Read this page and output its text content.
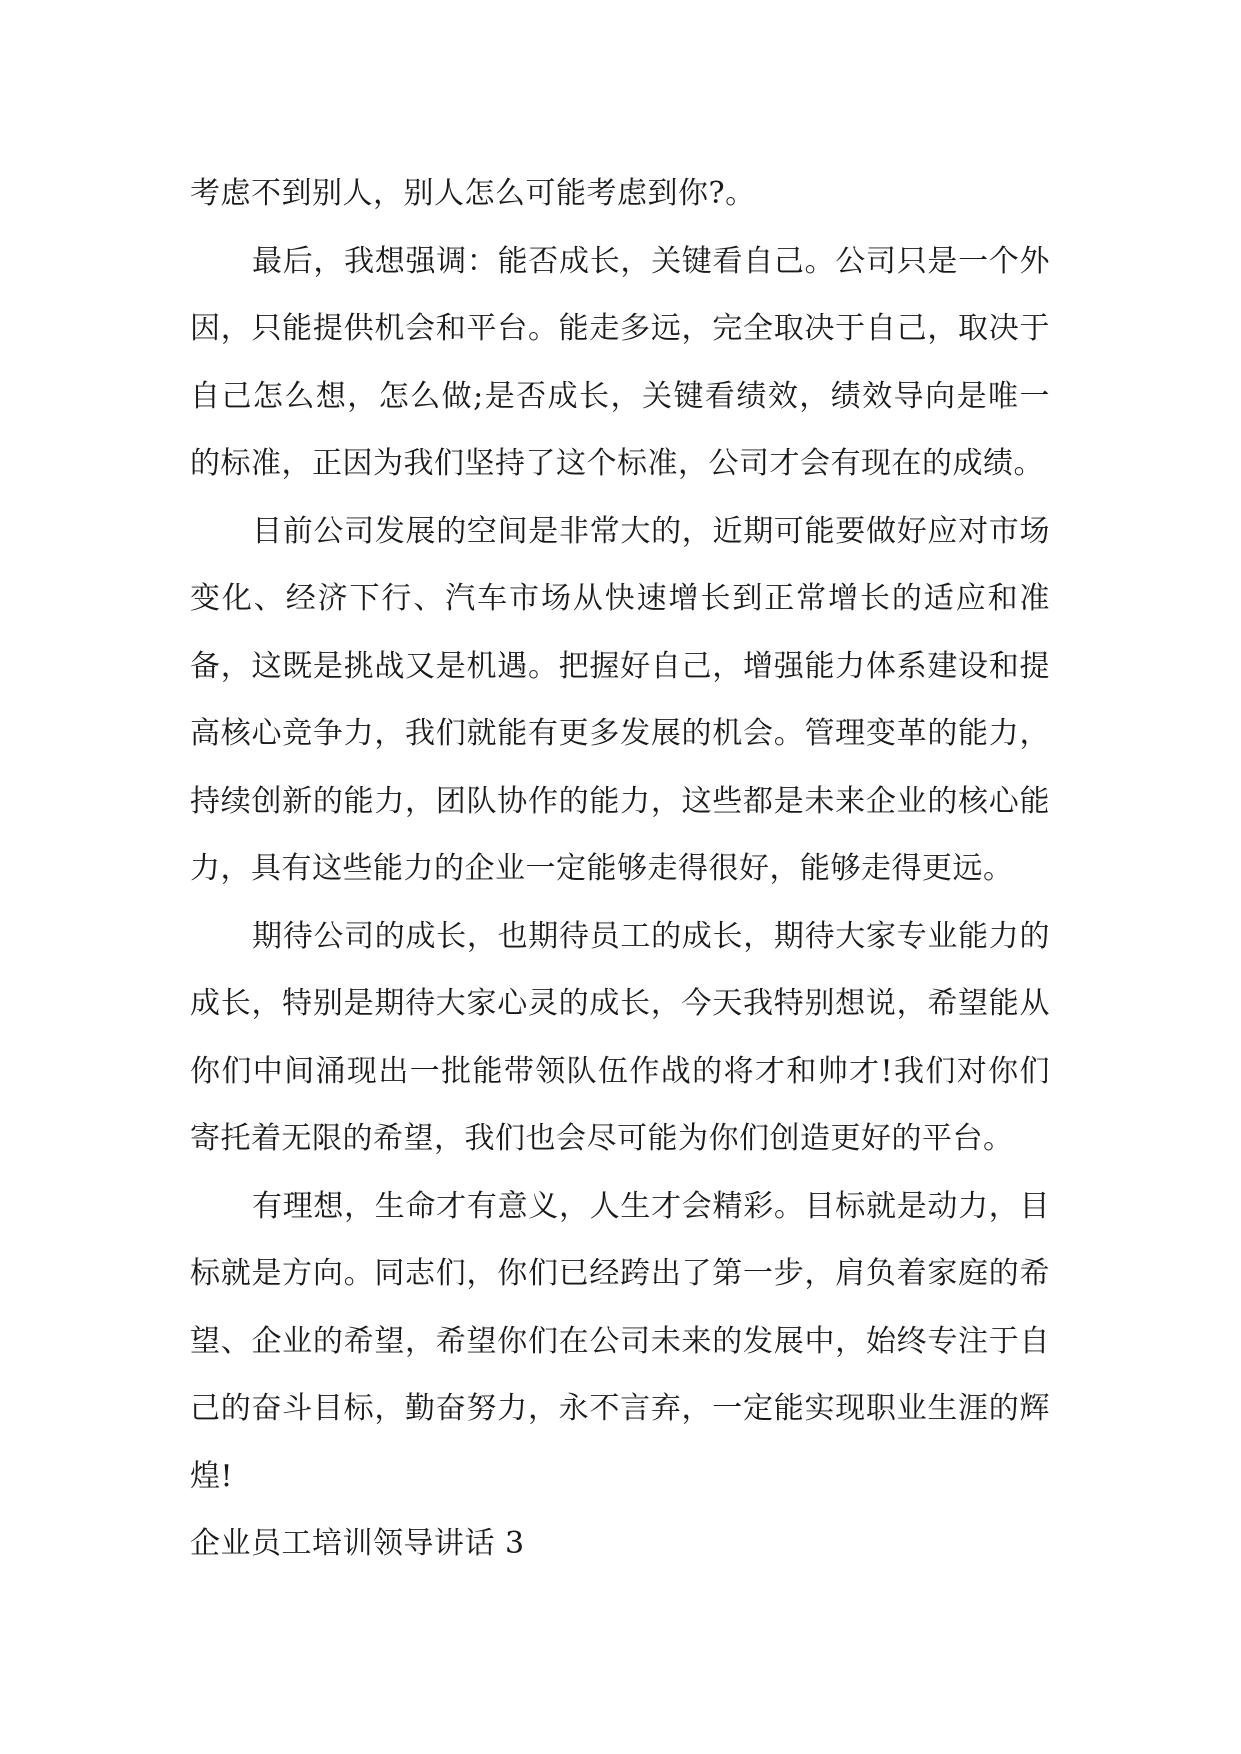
考虑不到别人，别人怎么可能考虑到你?。

最后，我想强调：能否成长，关键看自己。公司只是一个外因，只能提供机会和平台。能走多远，完全取决于自己，取决于自己怎么想，怎么做;是否成长，关键看绩效，绩效导向是唯一的标准，正因为我们坚持了这个标准，公司才会有现在的成绩。

目前公司发展的空间是非常大的，近期可能要做好应对市场变化、经济下行、汽车市场从快速增长到正常增长的适应和准备，这既是挑战又是机遇。把握好自己，增强能力体系建设和提高核心竞争力，我们就能有更多发展的机会。管理变革的能力，持续创新的能力，团队协作的能力，这些都是未来企业的核心能力，具有这些能力的企业一定能够走得很好，能够走得更远。

期待公司的成长，也期待员工的成长，期待大家专业能力的成长，特别是期待大家心灵的成长，今天我特别想说，希望能从你们中间涌现出一批能带领队伍作战的将才和帅才!我们对你们寄托着无限的希望，我们也会尽可能为你们创造更好的平台。

有理想，生命才有意义，人生才会精彩。目标就是动力，目标就是方向。同志们，你们已经跨出了第一步，肩负着家庭的希望、企业的希望，希望你们在公司未来的发展中，始终专注于自己的奋斗目标，勤奋努力，永不言弃，一定能实现职业生涯的辉煌!

企业员工培训领导讲话 3
